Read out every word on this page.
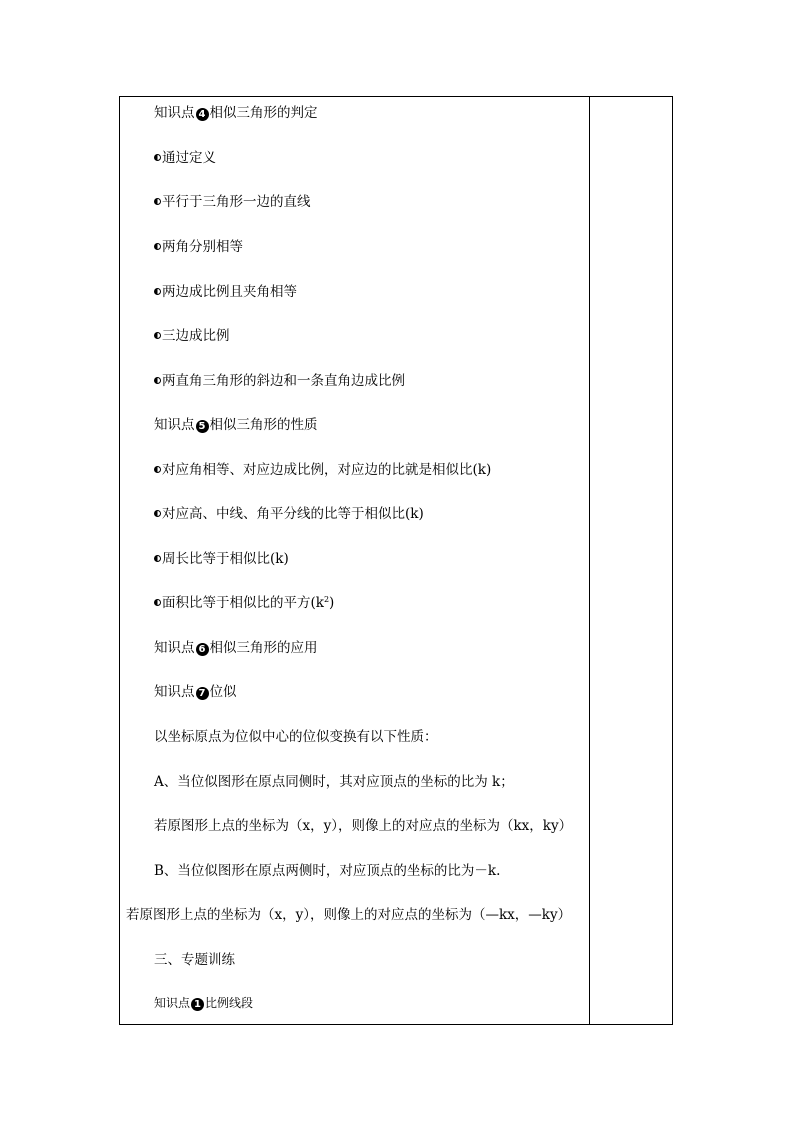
知识点 4 相似三角形的判定
通过定义
平行于三角形一边的直线
两角分别相等
两边成比例且夹角相等
三边成比例
两直角三角形的斜边和一条直角边成比例
知识点 5 相似三角形的性质
对应角相等、对应边成比例，对应边的比就是相似比(k)
对应高、中线、角平分线的比等于相似比(k)
周长比等于相似比(k)
面积比等于相似比的平方$(k^2)$
知识点 6 相似三角形的应用
知识点 7 位似
以坐标原点为位似中心的位似变换有以下性质：
A、当位似图形在原点同侧时，其对应顶点的坐标的比为 k；
若原图形上点的坐标为（x，y），则像上的对应点的坐标为（kx，ky）
B、当位似图形在原点两侧时，对应顶点的坐标的比为－k.
若原图形上点的坐标为（x，y），则像上的对应点的坐标为（—kx，—ky）
三、专题训练
知识点 1 比例线段
